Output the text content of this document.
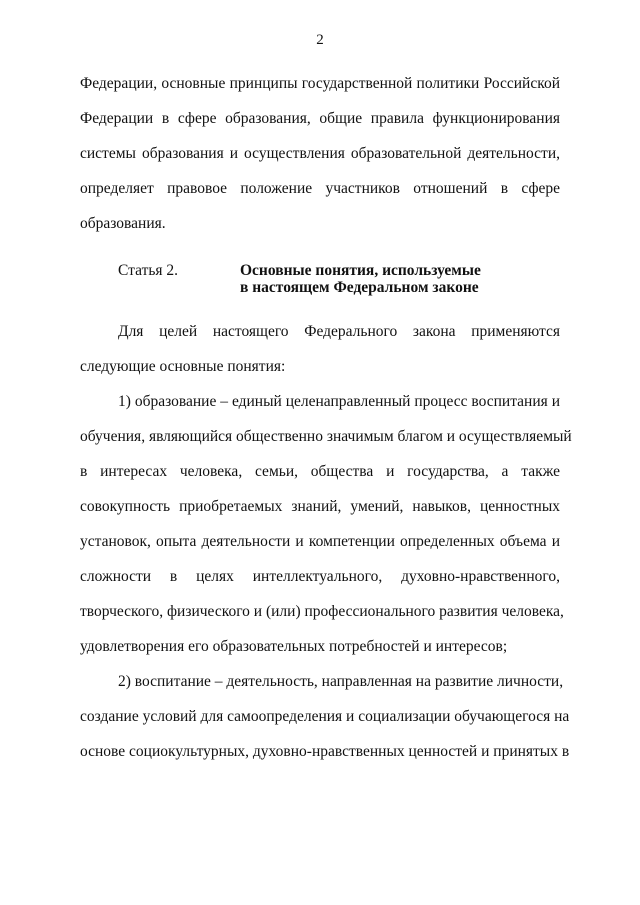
2
Федерации, основные принципы государственной политики Российской
Федерации в сфере образования, общие правила функционирования
системы образования и осуществления образовательной деятельности,
определяет правовое положение участников отношений в сфере
образования.
Статья 2.	Основные понятия, используемые
в настоящем Федеральном законе
Для целей настоящего Федерального закона применяются
следующие основные понятия:
1) образование – единый целенаправленный процесс воспитания и
обучения, являющийся общественно значимым благом и осуществляемый
в интересах человека, семьи, общества и государства, а также
совокупность приобретаемых знаний, умений, навыков, ценностных
установок, опыта деятельности и компетенции определенных объема и
сложности в целях интеллектуального, духовно-нравственного,
творческого, физического и (или) профессионального развития человека,
удовлетворения его образовательных потребностей и интересов;
2) воспитание – деятельность, направленная на развитие личности,
создание условий для самоопределения и социализации обучающегося на
основе социокультурных, духовно-нравственных ценностей и принятых в
